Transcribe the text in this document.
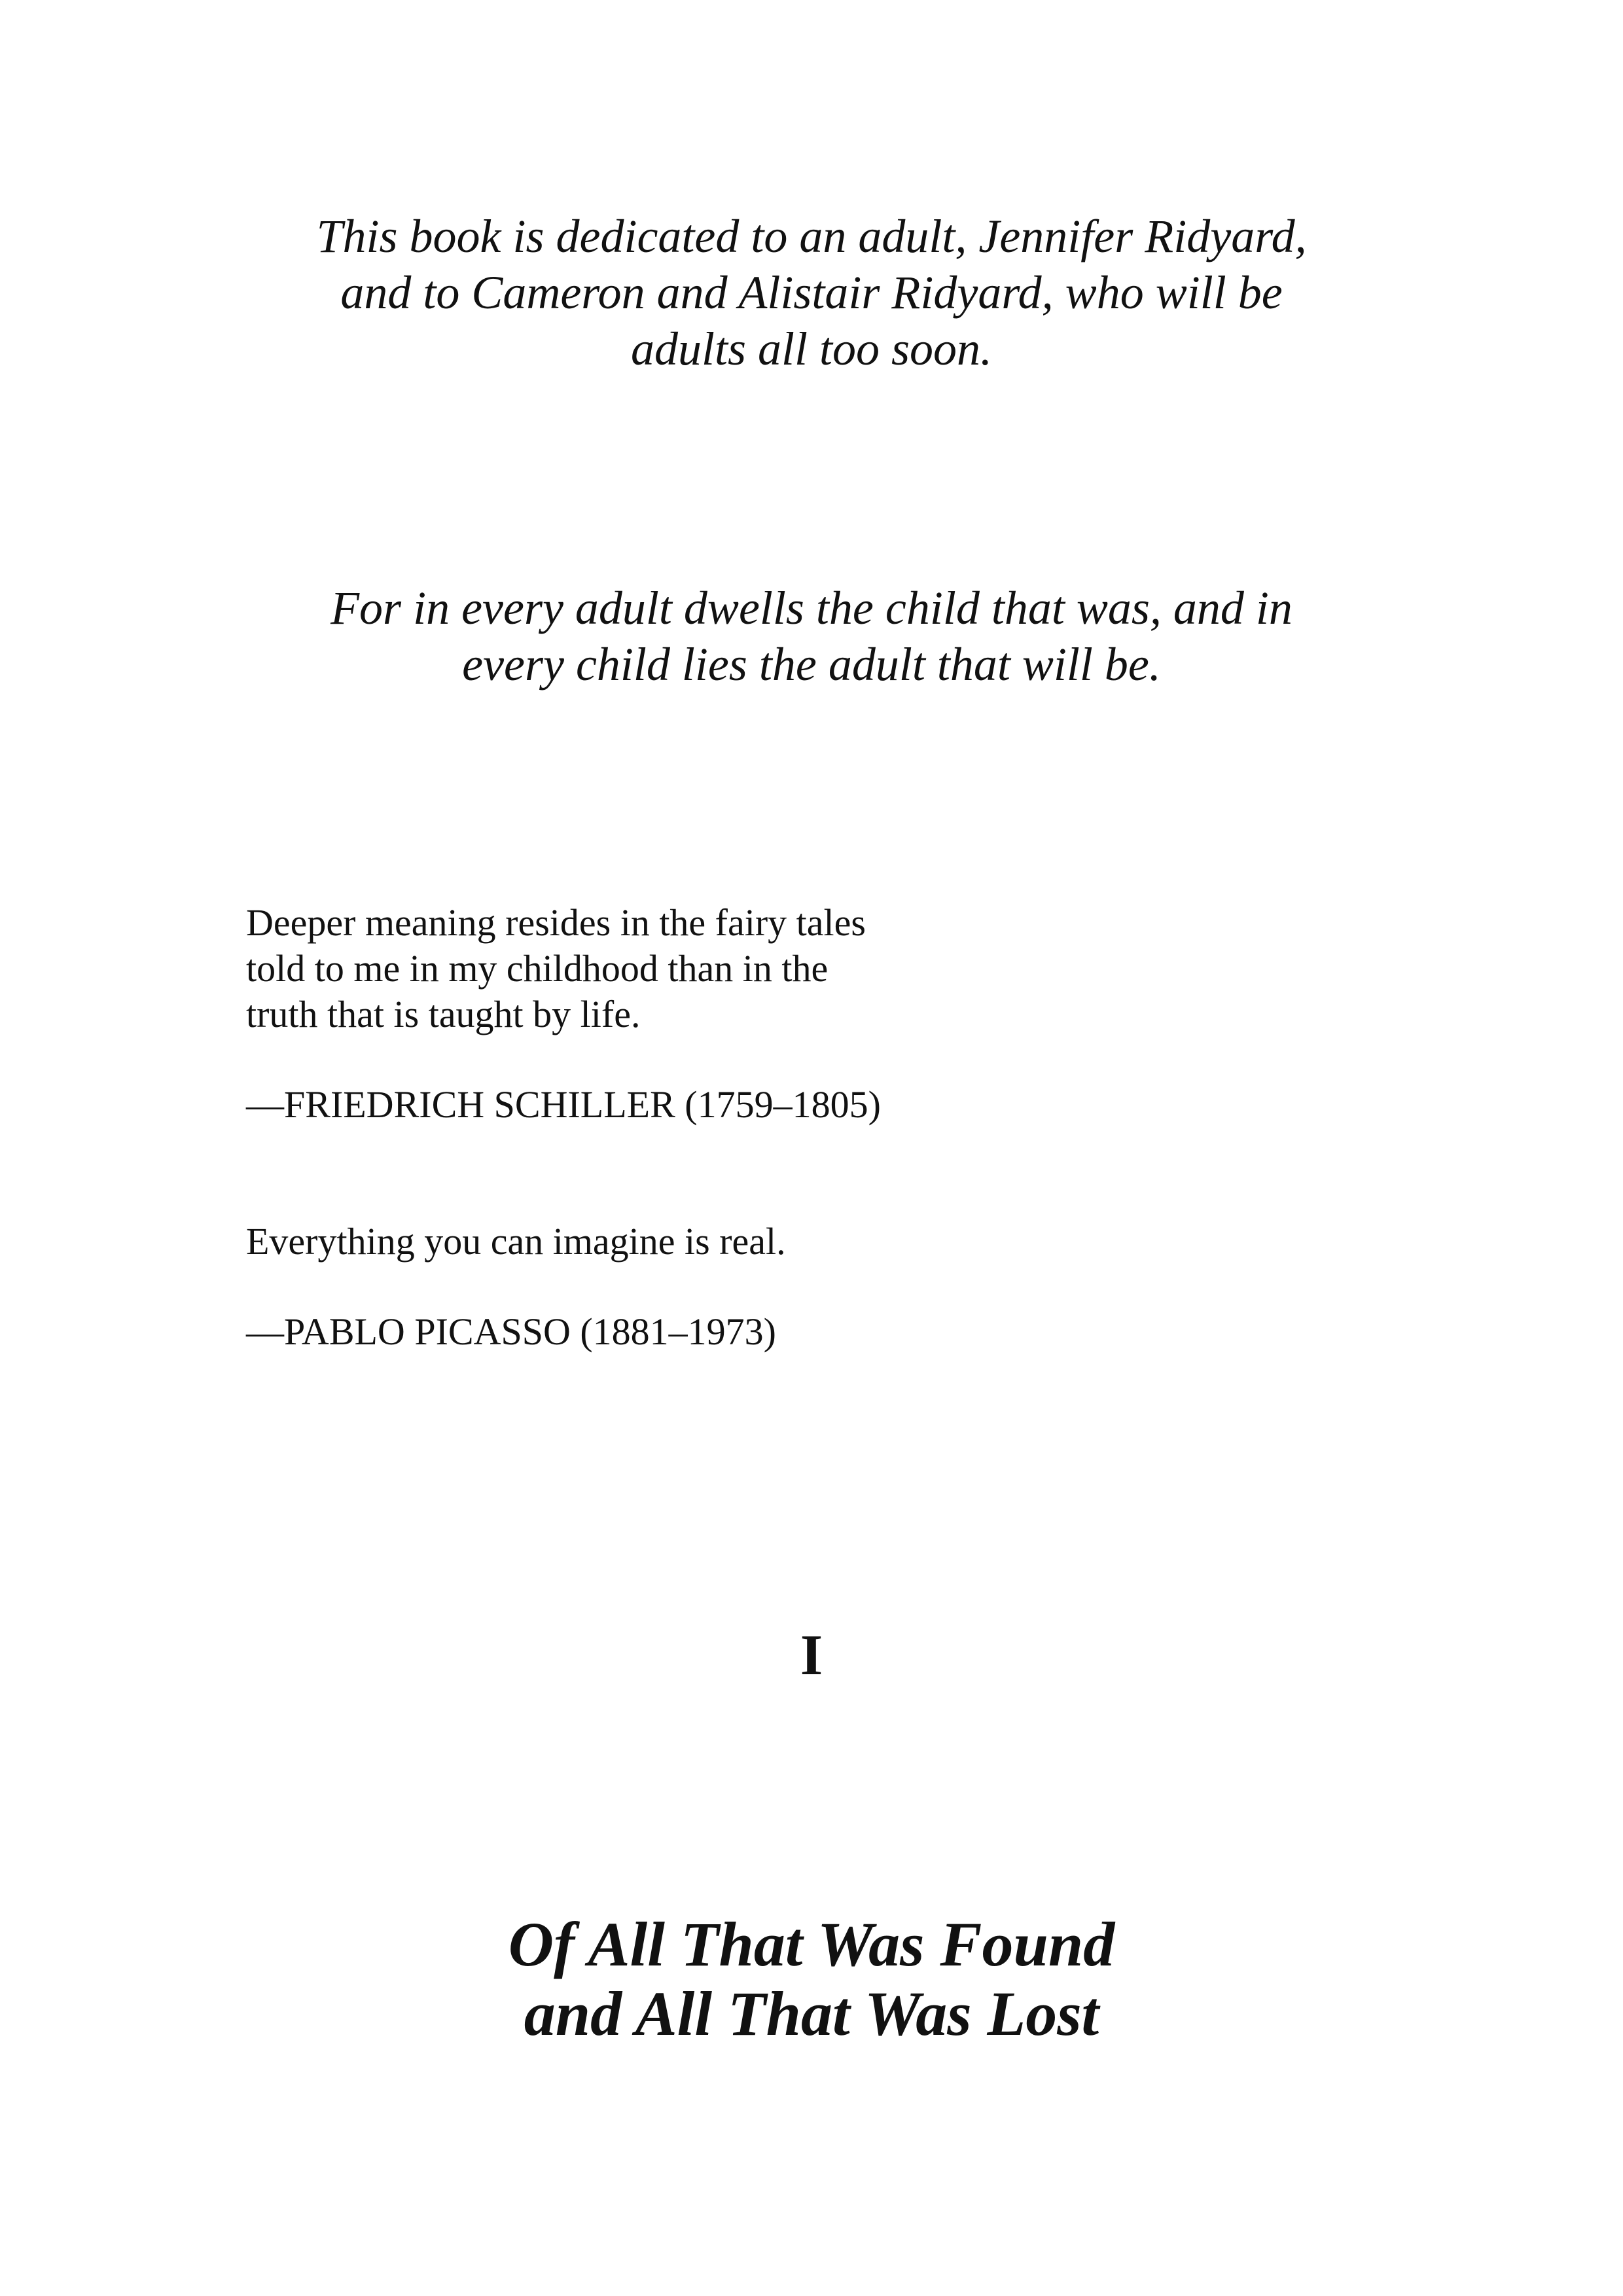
This book is dedicated to an adult, Jennifer Ridyard,
and to Cameron and Alistair Ridyard, who will be
adults all too soon.
For in every adult dwells the child that was, and in
every child lies the adult that will be.
Deeper meaning resides in the fairy tales
told to me in my childhood than in the
truth that is taught by life.
—FRIEDRICH SCHILLER (1759–1805)
Everything you can imagine is real.
—PABLO PICASSO (1881–1973)
I
Of All That Was Found
and All That Was Lost
